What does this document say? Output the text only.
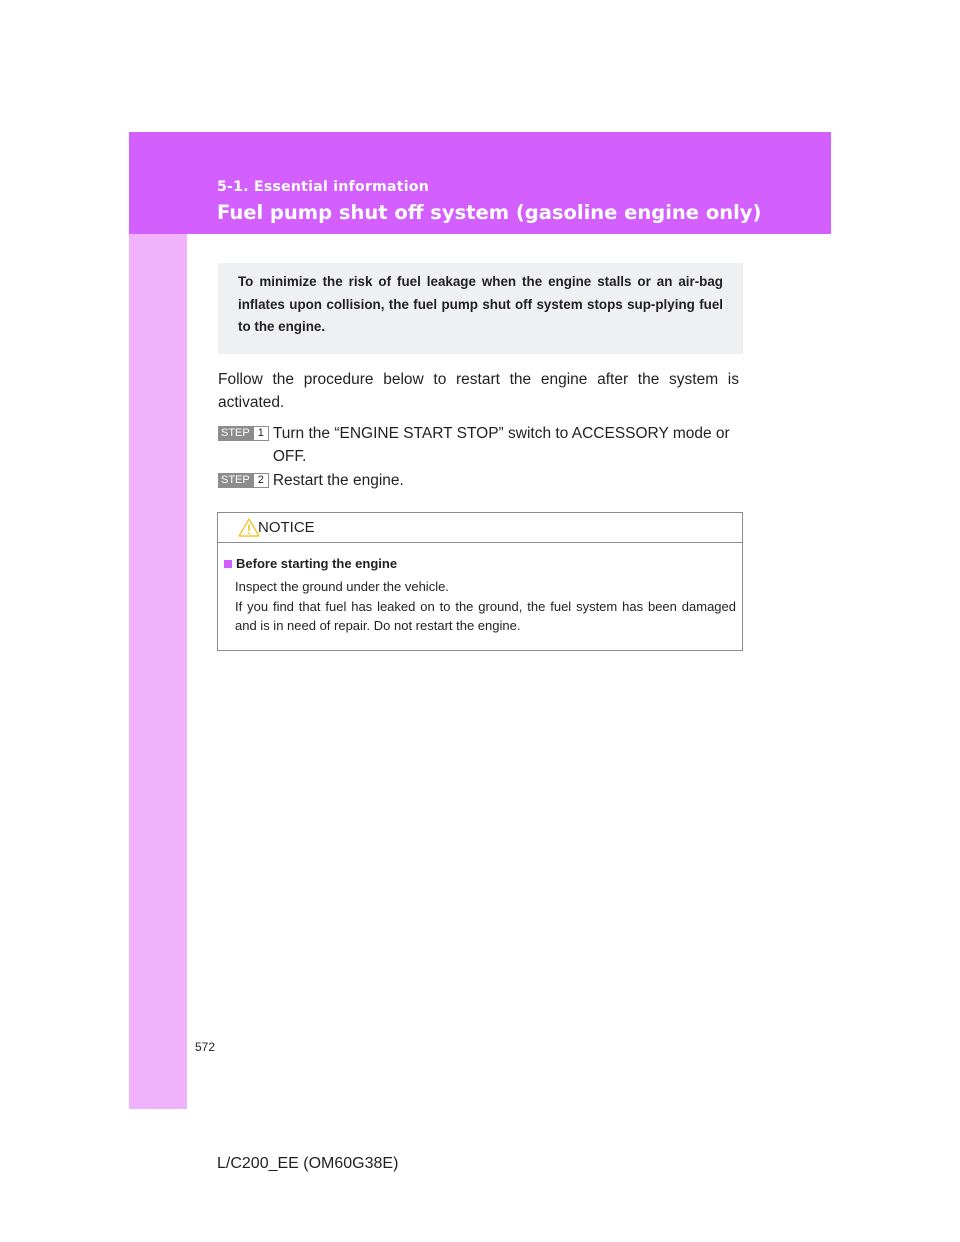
5-1. Essential information
Fuel pump shut off system (gasoline engine only)

To minimize the risk of fuel leakage when the engine stalls or an air-bag inflates upon collision, the fuel pump shut off system stops sup-plying fuel to the engine.

Follow the procedure below to restart the engine after the system is activated.

STEP 1 Turn the “ENGINE START STOP” switch to ACCESSORY mode or OFF.
STEP 2 Restart the engine.
NOTICE
Before starting the engine
Inspect the ground under the vehicle.
If you find that fuel has leaked on to the ground, the fuel system has been damaged and is in need of repair. Do not restart the engine.
572
L/C200_EE (OM60G38E)
